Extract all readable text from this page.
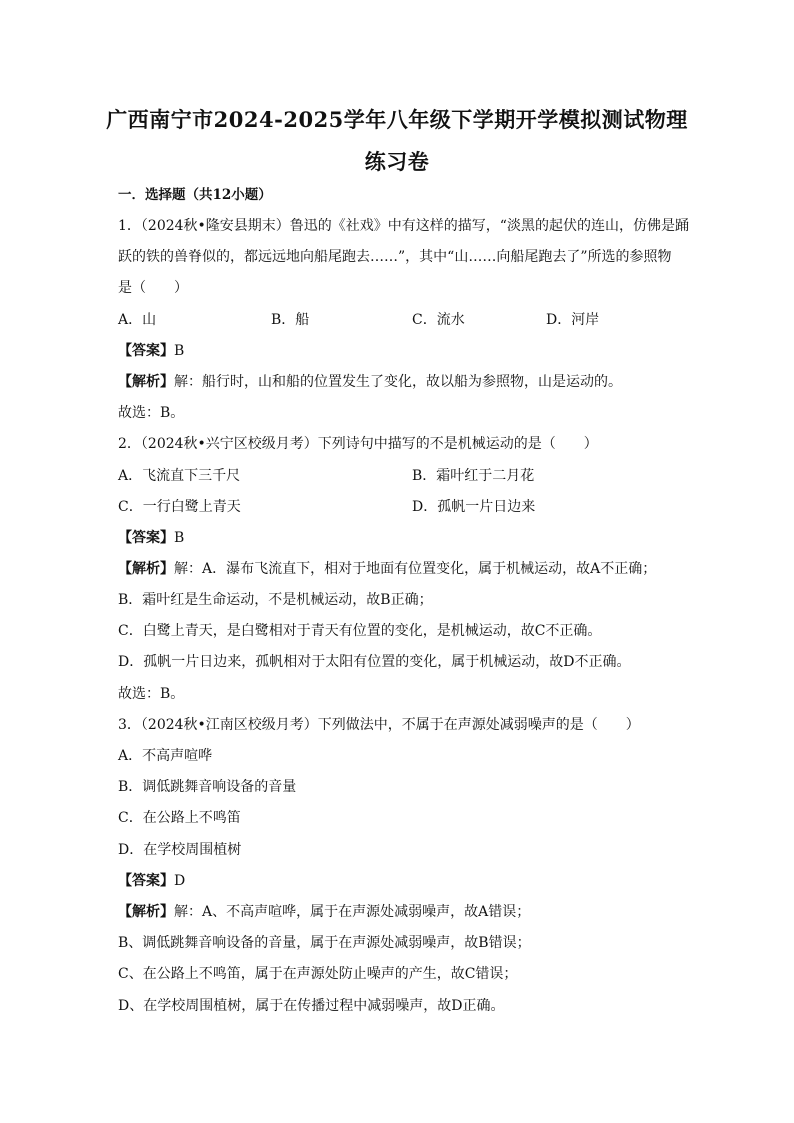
广西南宁市2024-2025学年八年级下学期开学模拟测试物理
练习卷
一．选择题（共12小题）
1．（2024秋•隆安县期末）鲁迅的《社戏》中有这样的描写，“淡黑的起伏的连山，仿佛是踊
跃的铁的兽脊似的，都远远地向船尾跑去……”，其中“山……向船尾跑去了”所选的参照物
是（　　）
A．山	B．船	C．流水	D．河岸
【答案】B
【解析】解：船行时，山和船的位置发生了变化，故以船为参照物，山是运动的。
故选：B。
2．（2024秋•兴宁区校级月考）下列诗句中描写的不是机械运动的是（　　）
A．飞流直下三千尺	B．霜叶红于二月花
C．一行白鹭上青天	D．孤帆一片日边来
【答案】B
【解析】解：A．瀑布飞流直下，相对于地面有位置变化，属于机械运动，故A不正确；
B．霜叶红是生命运动，不是机械运动，故B正确；
C．白鹭上青天，是白鹭相对于青天有位置的变化，是机械运动，故C不正确。
D．孤帆一片日边来，孤帆相对于太阳有位置的变化，属于机械运动，故D不正确。
故选：B。
3．（2024秋•江南区校级月考）下列做法中，不属于在声源处减弱噪声的是（　　）
A．不高声喧哗
B．调低跳舞音响设备的音量
C．在公路上不鸣笛
D．在学校周围植树
【答案】D
【解析】解：A、不高声喧哗，属于在声源处减弱噪声，故A错误；
B、调低跳舞音响设备的音量，属于在声源处减弱噪声，故B错误；
C、在公路上不鸣笛，属于在声源处防止噪声的产生，故C错误；
D、在学校周围植树，属于在传播过程中减弱噪声，故D正确。
